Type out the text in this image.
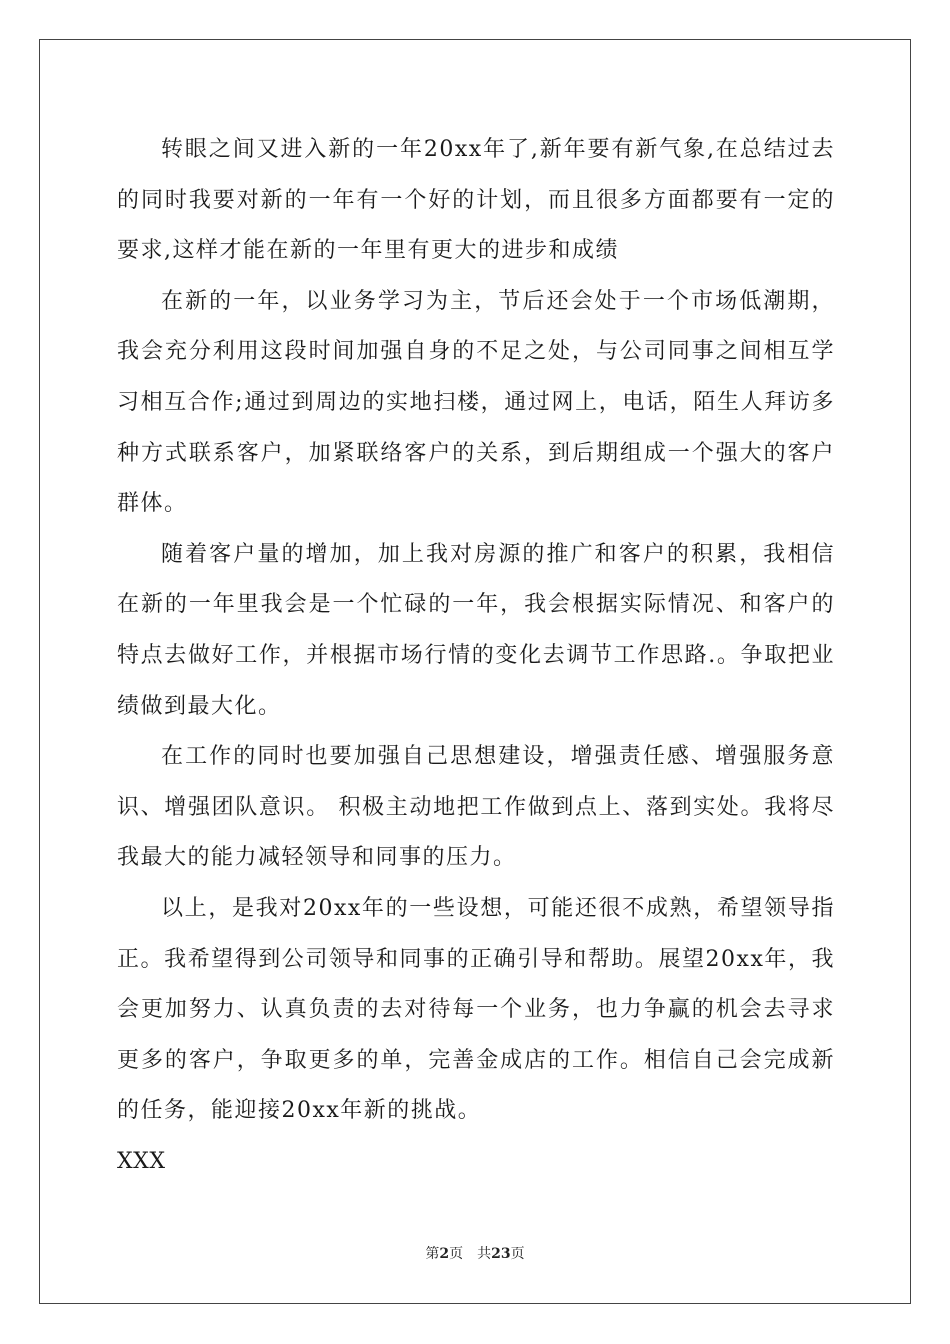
转眼之间又进入新的一年20xx年了,新年要有新气象,在总结过去的同时我要对新的一年有一个好的计划，而且很多方面都要有一定的要求,这样才能在新的一年里有更大的进步和成绩

在新的一年，以业务学习为主，节后还会处于一个市场低潮期，我会充分利用这段时间加强自身的不足之处，与公司同事之间相互学习相互合作;通过到周边的实地扫楼，通过网上，电话，陌生人拜访多种方式联系客户，加紧联络客户的关系，到后期组成一个强大的客户群体。

随着客户量的增加，加上我对房源的推广和客户的积累，我相信在新的一年里我会是一个忙碌的一年，我会根据实际情况、和客户的特点去做好工作，并根据市场行情的变化去调节工作思路.。争取把业绩做到最大化。

在工作的同时也要加强自己思想建设，增强责任感、增强服务意识、增强团队意识。 积极主动地把工作做到点上、落到实处。我将尽我最大的能力减轻领导和同事的压力。

以上，是我对20xx年的一些设想，可能还很不成熟，希望领导指正。我希望得到公司领导和同事的正确引导和帮助。展望20xx年，我会更加努力、认真负责的去对待每一个业务，也力争赢的机会去寻求更多的客户，争取更多的单，完善金成店的工作。相信自己会完成新的任务，能迎接20xx年新的挑战。

XXX

第2页 共23页
